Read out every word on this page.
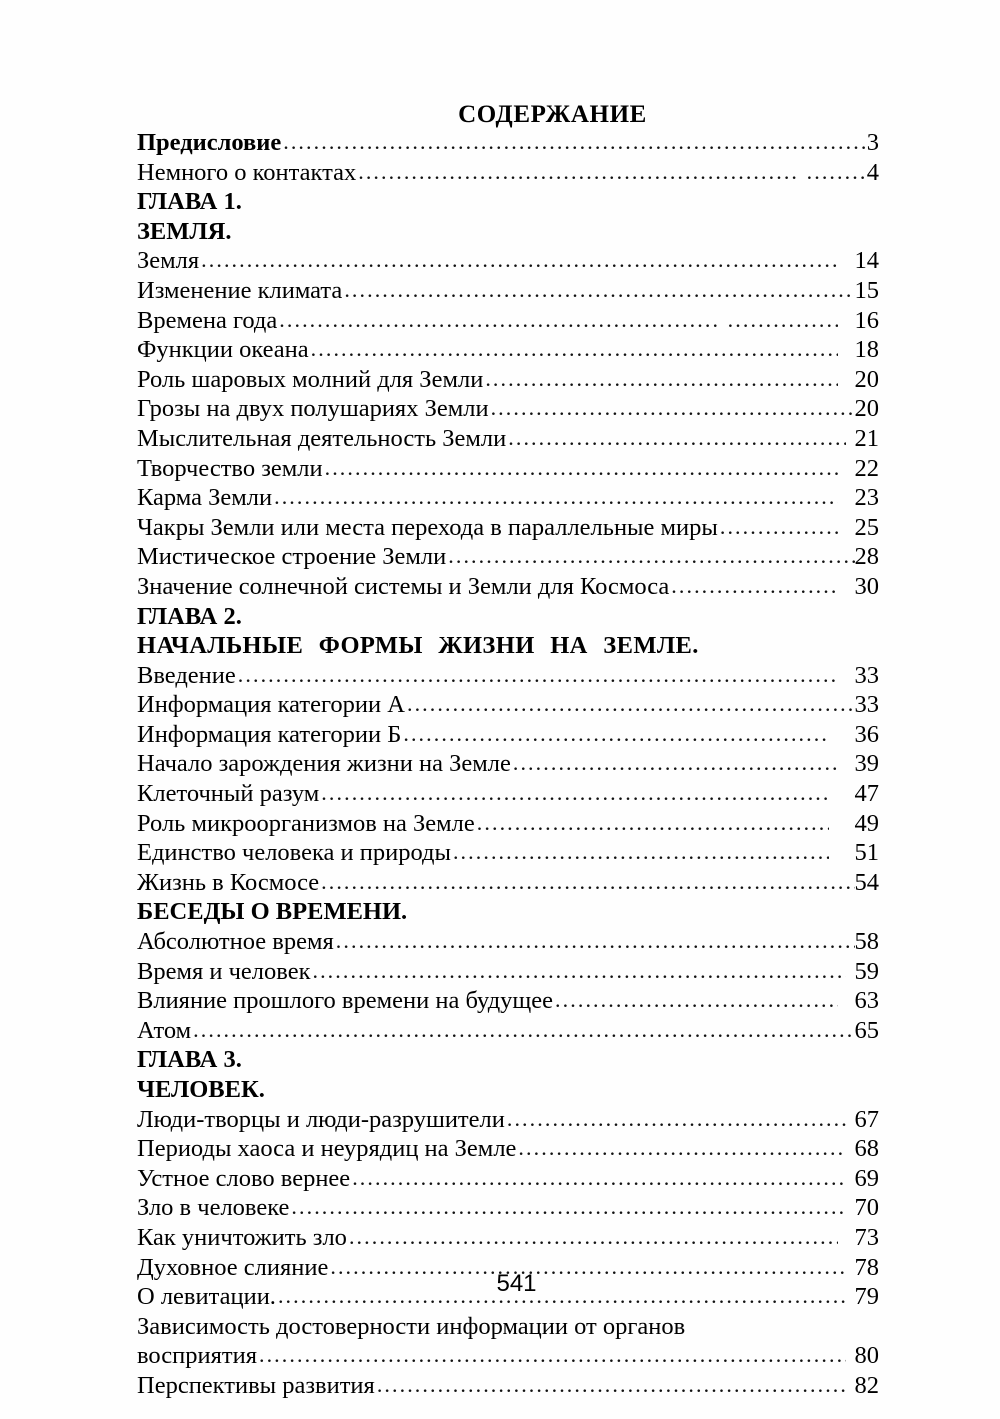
СОДЕРЖАНИЕ
Предисловие .....	3
Немного о контактах .....	4
ГЛАВА 1.
ЗЕМЛЯ.
Земля .....	14
Изменение климата .....	15
Времена года .....	16
Функции океана .....	18
Роль шаровых молний для Земли .....	20
Грозы на двух полушариях Земли .....	20
Мыслительная деятельность Земли .....	21
Творчество земли .....	22
Карма Земли .....	23
Чакры Земли или места перехода в параллельные миры .....	25
Мистическое строение Земли .....	28
Значение солнечной системы и Земли для Космоса .....	30
ГЛАВА 2.
НАЧАЛЬНЫЕ ФОРМЫ ЖИЗНИ НА ЗЕМЛЕ.
Введение .....	33
Информация категории А .....	33
Информация категории Б .....	36
Начало зарождения жизни на Земле .....	39
Клеточный разум .....	47
Роль микроорганизмов на Земле .....	49
Единство человека и природы .....	51
Жизнь в Космосе .....	54
БЕСЕДЫ О ВРЕМЕНИ.
Абсолютное время .....	58
Время и человек .....	59
Влияние прошлого времени на будущее .....	63
Атом .....	65
ГЛАВА 3.
ЧЕЛОВЕК.
Люди-творцы и люди-разрушители .....	67
Периоды хаоса и неурядиц на Земле .....	68
Устное слово вернее .....	69
Зло в человеке .....	70
Как уничтожить зло .....	73
Духовное слияние .....	78
О левитации. .....	79
Зависимость достоверности информации от органов
восприятия .....	80
Перспективы развития .....	82
541
